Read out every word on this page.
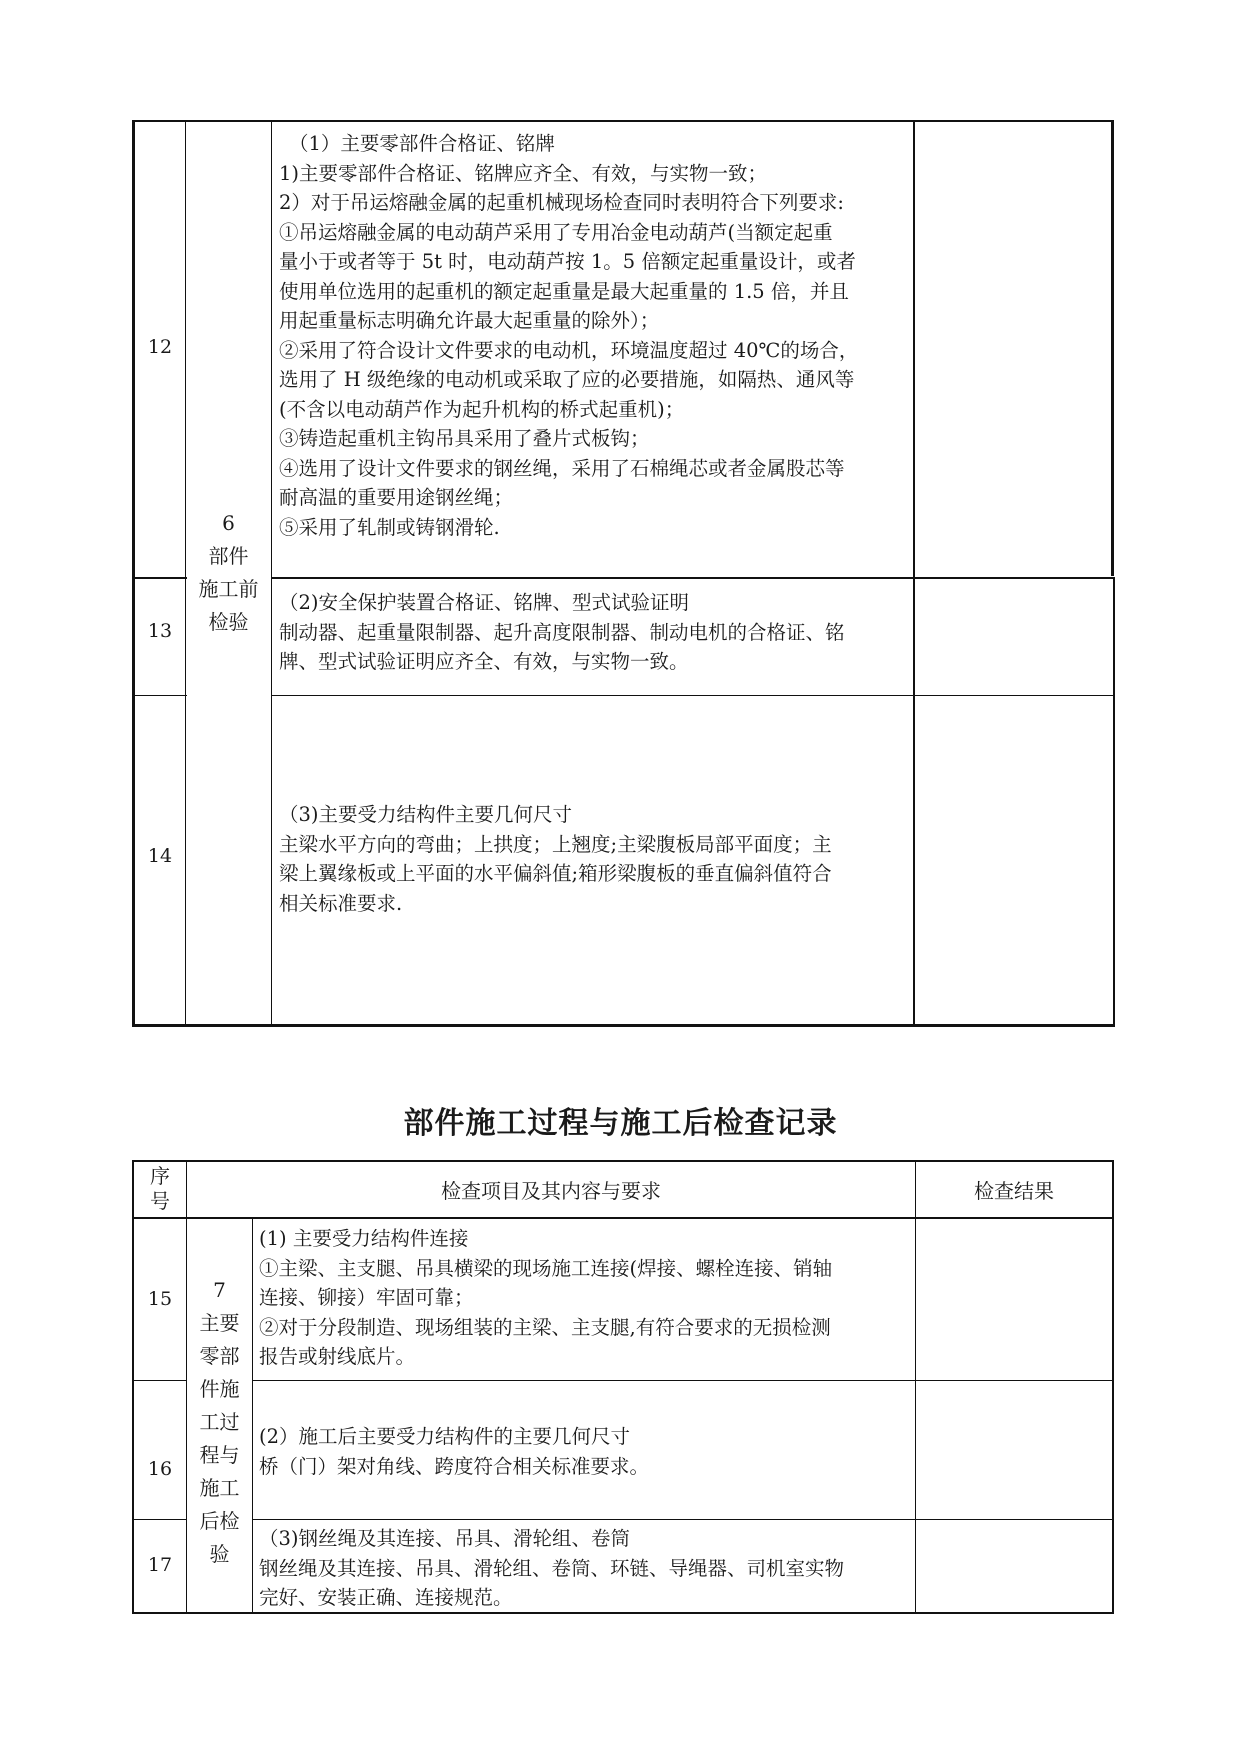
12
（1）主要零部件合格证、铭牌
1)主要零部件合格证、铭牌应齐全、有效，与实物一致；
2）对于吊运熔融金属的起重机械现场检查同时表明符合下列要求:
①吊运熔融金属的电动葫芦采用了专用冶金电动葫芦(当额定起重
量小于或者等于 5t 时，电动葫芦按 1。5 倍额定起重量设计，或者
使用单位选用的起重机的额定起重量是最大起重量的 1.5 倍，并且
用起重量标志明确允许最大起重量的除外）；
②采用了符合设计文件要求的电动机，环境温度超过 40℃的场合，
选用了 H 级绝缘的电动机或采取了应的必要措施，如隔热、通风等
(不含以电动葫芦作为起升机构的桥式起重机)；
③铸造起重机主钩吊具采用了叠片式板钩；
④选用了设计文件要求的钢丝绳，采用了石棉绳芯或者金属股芯等
耐高温的重要用途钢丝绳；
⑤采用了轧制或铸钢滑轮.
6
部件
施工前
检验
13
（2)安全保护装置合格证、铭牌、型式试验证明
制动器、起重量限制器、起升高度限制器、制动电机的合格证、铭
牌、型式试验证明应齐全、有效，与实物一致。
14
（3)主要受力结构件主要几何尺寸
主梁水平方向的弯曲；上拱度；上翘度;主梁腹板局部平面度；主
梁上翼缘板或上平面的水平偏斜值;箱形梁腹板的垂直偏斜值符合
相关标准要求.
部件施工过程与施工后检查记录
序
号	检查项目及其内容与要求	检查结果
7
主要
零部
件施
工过
程与
施工
后检
验
15
(1) 主要受力结构件连接
①主梁、主支腿、吊具横梁的现场施工连接(焊接、螺栓连接、销轴
连接、铆接）牢固可靠；
②对于分段制造、现场组装的主梁、主支腿,有符合要求的无损检测
报告或射线底片。
16
(2）施工后主要受力结构件的主要几何尺寸
桥（门）架对角线、跨度符合相关标准要求。
17
（3)钢丝绳及其连接、吊具、滑轮组、卷筒
钢丝绳及其连接、吊具、滑轮组、卷筒、环链、导绳器、司机室实物
完好、安装正确、连接规范。
